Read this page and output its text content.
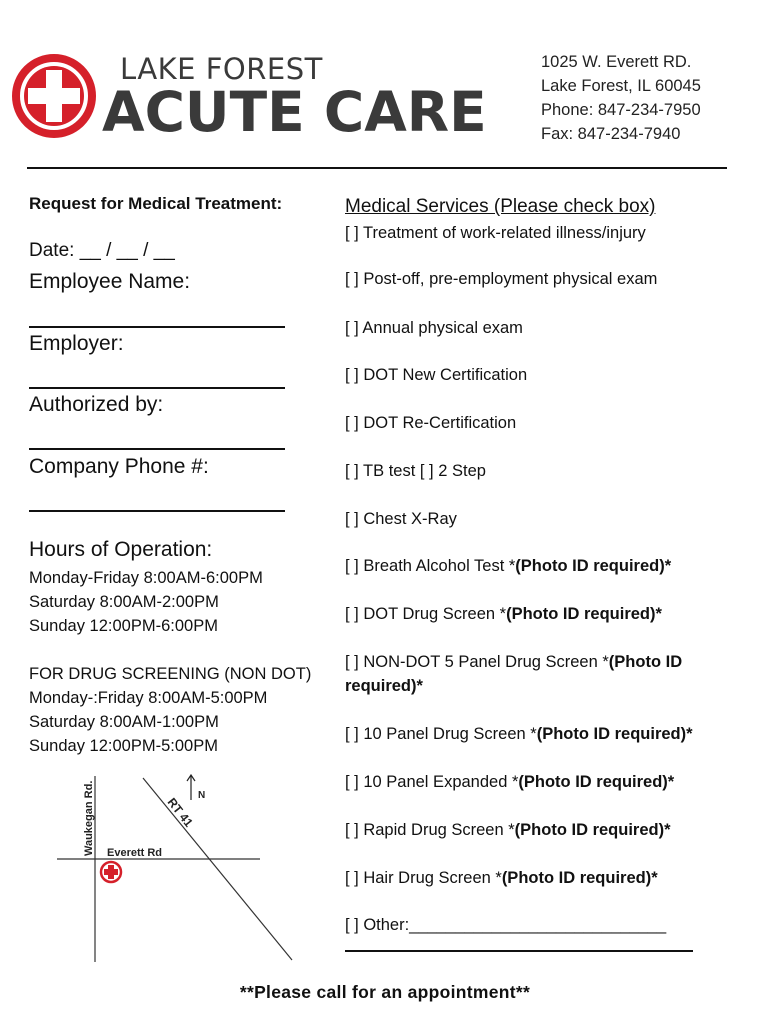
LAKE FOREST
ACUTE CARE
1025 W. Everett RD.
Lake Forest, IL 60045
Phone: 847-234-7950
Fax: 847-234-7940
Request for Medical Treatment:
Date: __ / __ / __
Employee Name:
Employer:
Authorized by:
Company Phone #:
Hours of Operation:
Monday-Friday 8:00AM-6:00PM
Saturday 8:00AM-2:00PM
Sunday 12:00PM-6:00PM
FOR DRUG SCREENING (NON DOT)
Monday-:Friday 8:00AM-5:00PM
Saturday 8:00AM-1:00PM
Sunday 12:00PM-5:00PM
Waukegan Rd. Everett Rd
RT 41 N
Medical Services (Please check box)
[ ] Treatment of work-related illness/injury
[ ] Post-off, pre-employment physical exam
[ ] Annual physical exam
[ ] DOT New Certification
[ ] DOT Re-Certification
[ ] TB test [ ] 2 Step
[ ] Chest X-Ray
[ ] Breath Alcohol Test *(Photo ID required)*
[ ] DOT Drug Screen *(Photo ID required)*
[ ] NON-DOT 5 Panel Drug Screen *(Photo ID required)*
[ ] 10 Panel Drug Screen *(Photo ID required)*
[ ] 10 Panel Expanded *(Photo ID required)*
[ ] Rapid Drug Screen *(Photo ID required)*
[ ] Hair Drug Screen *(Photo ID required)*
[ ] Other:____________________________
**Please call for an appointment**
